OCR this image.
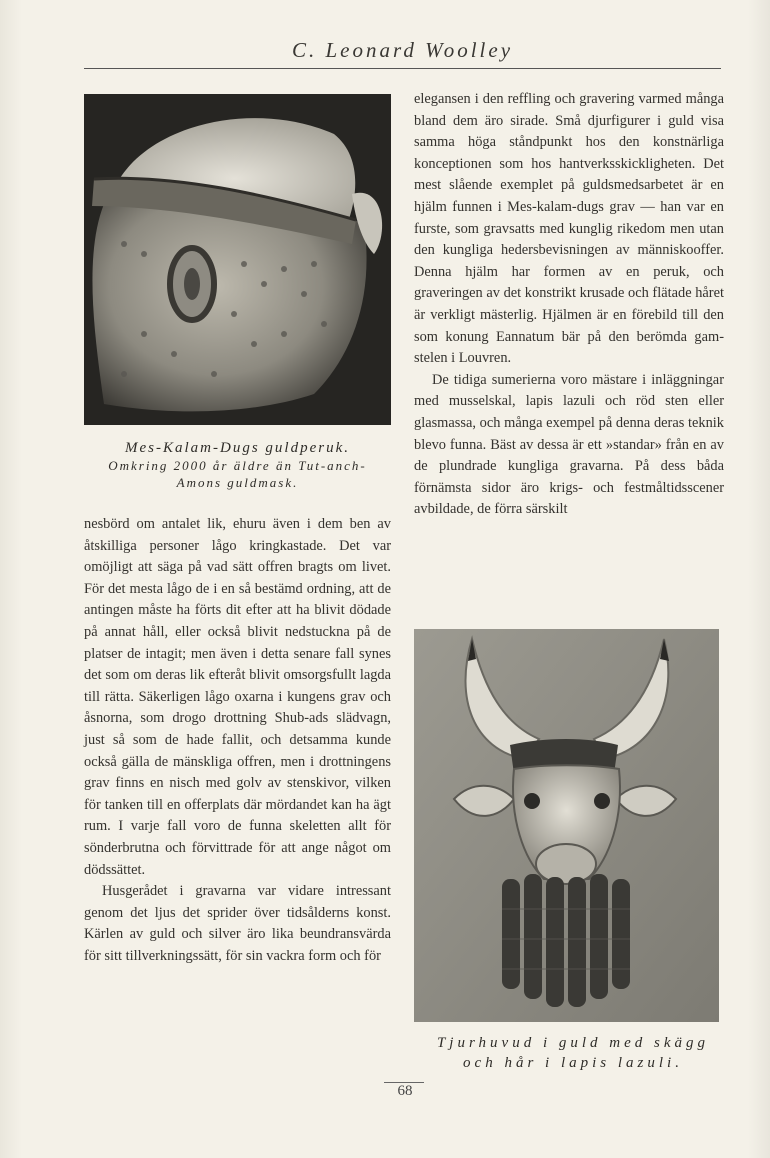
C. Leonard Woolley
Mes-Kalam-Dugs guldperuk.
Omkring 2000 år äldre än Tut-anch-
Amons guldmask.

nesbörd om antalet lik, ehuru även i dem ben av åtskilliga personer lågo kringkastade. Det var omöjligt att säga på vad sätt offren bragts om livet. För det mesta lågo de i en så bestämd ordning, att de antingen måste ha förts dit efter att ha blivit dödade på annat håll, eller också blivit nedstuckna på de platser de intagit; men även i detta senare fall synes det som om deras lik efteråt blivit omsorgsfullt lagda till rätta. Säkerligen lågo oxarna i kungens grav och åsnorna, som drogo drottning Shub-ads slädvagn, just så som de hade fallit, och detsamma kunde också gälla de mänskliga offren, men i drottningens grav finns en nisch med golv av stenskivor, vilken för tanken till en offerplats där mördandet kan ha ägt rum. I varje fall voro de funna skeletten allt för sönderbrutna och förvittrade för att ange något om dödssättet.

Husgerådet i gravarna var vidare intressant genom det ljus det sprider över tidsålderns konst. Kärlen av guld och silver äro lika beundransvärda för sitt tillverkningssätt, för sin vackra form och för

elegansen i den reffling och gravering varmed många bland dem äro sirade. Små djurfigurer i guld visa samma höga ståndpunkt hos den konstnärliga konceptionen som hos hantverksskickligheten. Det mest slående exemplet på guldsmedsarbetet är en hjälm funnen i Mes-kalam-dugs grav — han var en furste, som gravsatts med kunglig rikedom men utan den kungliga hedersbevisningen av människooffer. Denna hjälm har formen av en peruk, och graveringen av det konstrikt krusade och flätade håret är verkligt mästerlig. Hjälmen är en förebild till den som konung Eannatum bär på den berömda gam-stelen i Louvren.

De tidiga sumerierna voro mästare i inläggningar med musselskal, lapis lazuli och röd sten eller glasmassa, och många exempel på denna deras teknik blevo funna. Bäst av dessa är ett »standar» från en av de plundrade kungliga gravarna. På dess båda förnämsta sidor äro krigs- och festmåltidsscener avbildade, de förra särskilt

Tjurhuvud i guld med skägg
och hår i lapis lazuli.
68
